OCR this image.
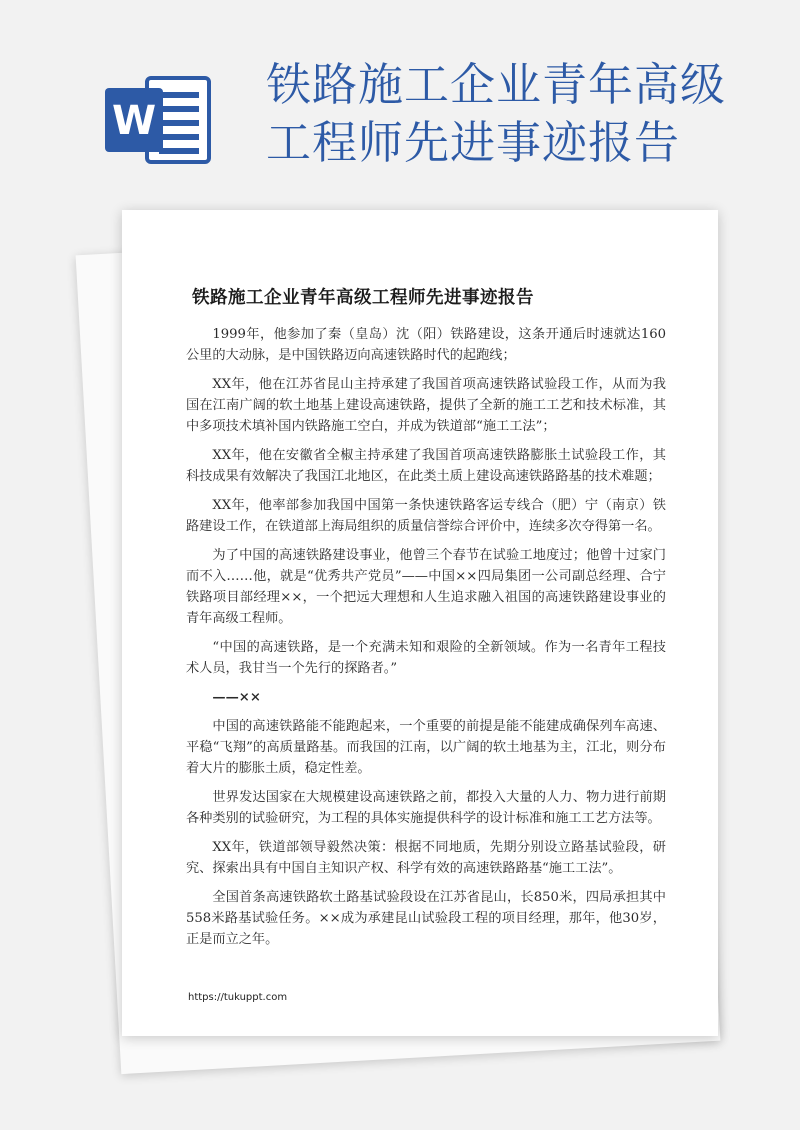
W
铁路施工企业青年高级
工程师先进事迹报告
铁路施工企业青年高级工程师先进事迹报告

1999年，他参加了秦（皇岛）沈（阳）铁路建设，这条开通后时速就达160公里的大动脉，是中国铁路迈向高速铁路时代的起跑线；

XX年，他在江苏省昆山主持承建了我国首项高速铁路试验段工作，从而为我国在江南广阔的软土地基上建设高速铁路，提供了全新的施工工艺和技术标准，其中多项技术填补国内铁路施工空白，并成为铁道部“施工工法”；

XX年，他在安徽省全椒主持承建了我国首项高速铁路膨胀土试验段工作，其科技成果有效解决了我国江北地区，在此类土质上建设高速铁路路基的技术难题；

XX年，他率部参加我国中国第一条快速铁路客运专线合（肥）宁（南京）铁路建设工作，在铁道部上海局组织的质量信誉综合评价中，连续多次夺得第一名。

为了中国的高速铁路建设事业，他曾三个春节在试验工地度过；他曾十过家门而不入……他，就是“优秀共产党员”——中国××四局集团一公司副总经理、合宁铁路项目部经理××，一个把远大理想和人生追求融入祖国的高速铁路建设事业的青年高级工程师。

“中国的高速铁路，是一个充满未知和艰险的全新领域。作为一名青年工程技术人员，我甘当一个先行的探路者。”

——××

中国的高速铁路能不能跑起来，一个重要的前提是能不能建成确保列车高速、平稳“飞翔”的高质量路基。而我国的江南，以广阔的软土地基为主，江北，则分布着大片的膨胀土质，稳定性差。

世界发达国家在大规模建设高速铁路之前，都投入大量的人力、物力进行前期各种类别的试验研究，为工程的具体实施提供科学的设计标准和施工工艺方法等。

XX年，铁道部领导毅然决策：根据不同地质，先期分别设立路基试验段，研究、探索出具有中国自主知识产权、科学有效的高速铁路路基“施工工法”。

全国首条高速铁路软土路基试验段设在江苏省昆山，长850米，四局承担其中558米路基试验任务。××成为承建昆山试验段工程的项目经理，那年，他30岁，正是而立之年。

https://tukuppt.com
